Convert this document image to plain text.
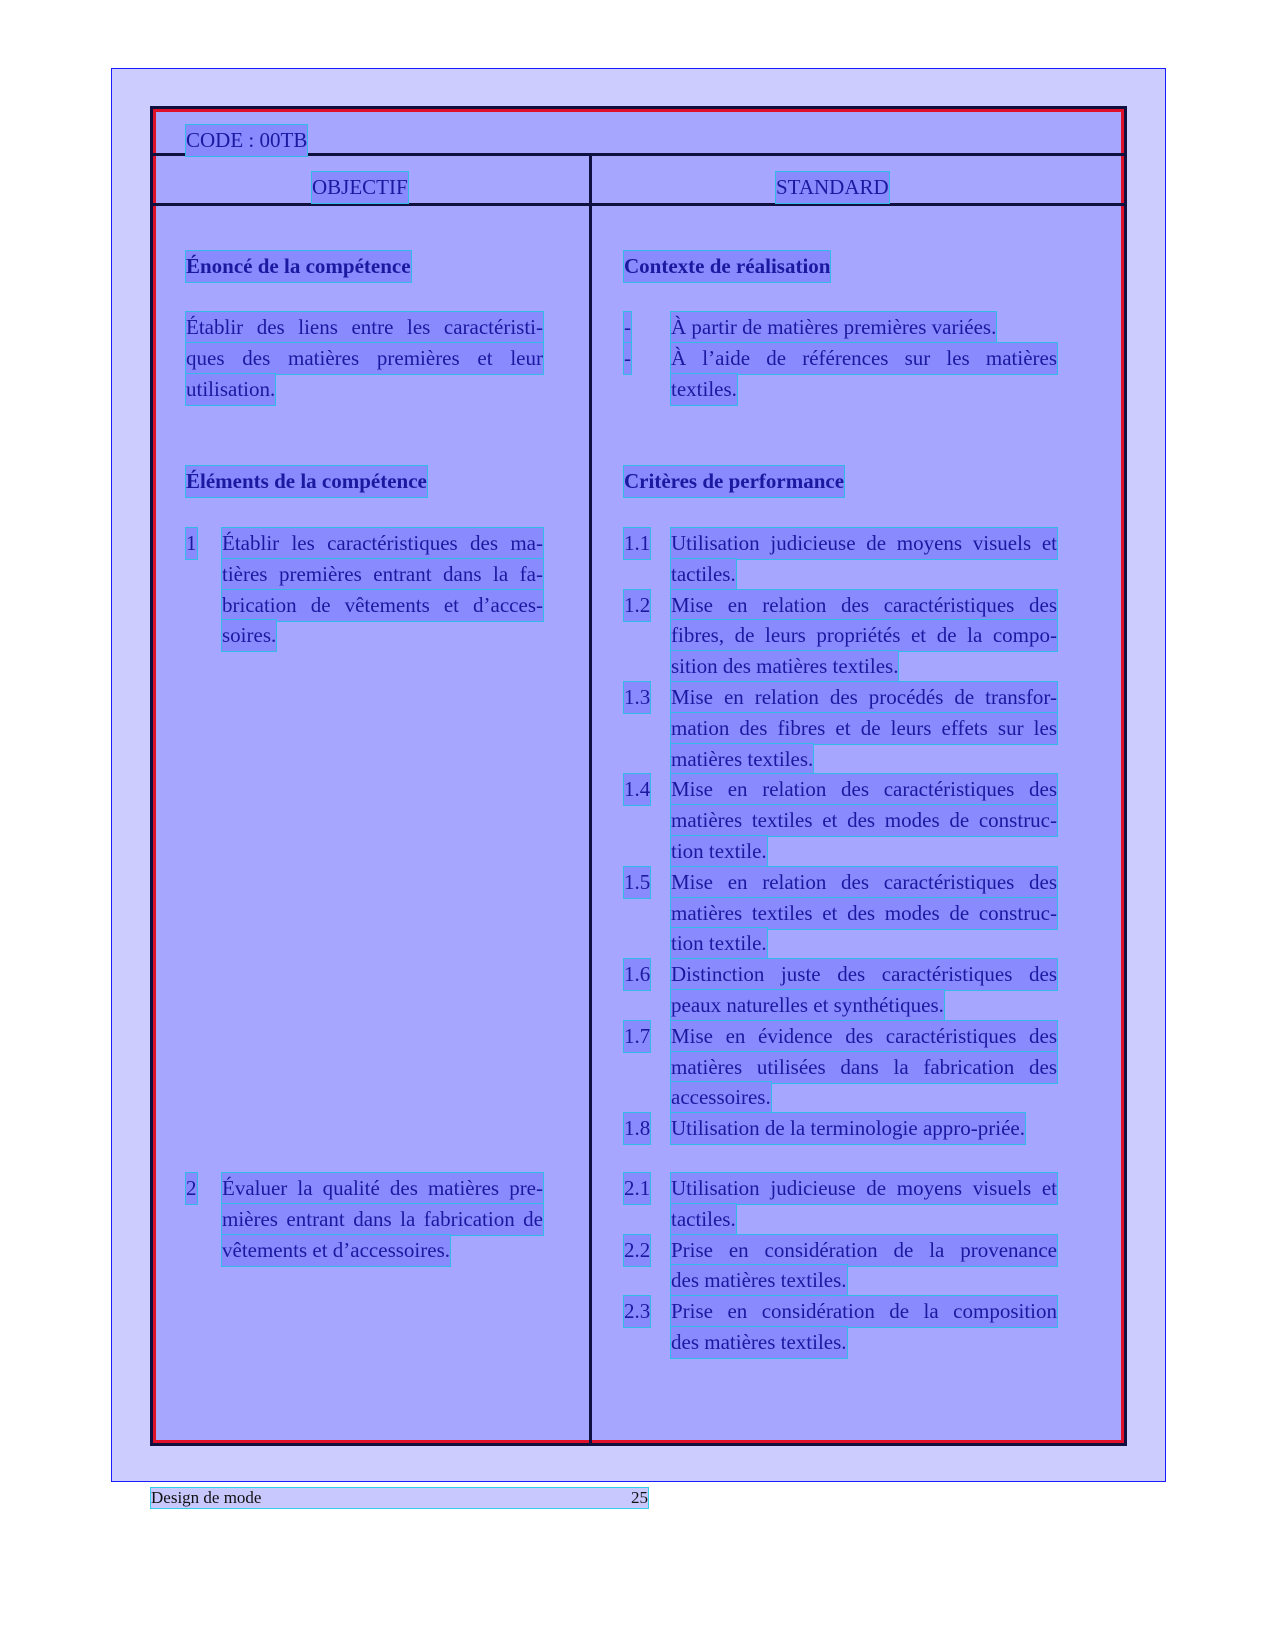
CODE : 00TB
OBJECTIF	STANDARD
Énoncé de la compétence
Établir des liens entre les caractéristi-
ques des matières premières et leur
utilisation.
Éléments de la compétence
1 Établir les caractéristiques des ma-
tières premières entrant dans la fa-
brication de vêtements et d’acces-
soires.
2 Évaluer la qualité des matières pre-
mières entrant dans la fabrication de
vêtements et d’accessoires.
Contexte de réalisation
- À partir de matières premières variées.
- À l’aide de références sur les matières
textiles.
Critères de performance
1.1 Utilisation judicieuse de moyens visuels et
tactiles.
1.2 Mise en relation des caractéristiques des
fibres, de leurs propriétés et de la compo-
sition des matières textiles.
1.3 Mise en relation des procédés de transfor-
mation des fibres et de leurs effets sur les
matières textiles.
1.4 Mise en relation des caractéristiques des
matières textiles et des modes de construc-
tion textile.
1.5 Mise en relation des caractéristiques des
matières textiles et des modes de construc-
tion textile.
1.6 Distinction juste des caractéristiques des
peaux naturelles et synthétiques.
1.7 Mise en évidence des caractéristiques des
matières utilisées dans la fabrication des
accessoires.
1.8 Utilisation de la terminologie appro-priée.
2.1 Utilisation judicieuse de moyens visuels et
tactiles.
2.2 Prise en considération de la provenance
des matières textiles.
2.3 Prise en considération de la composition
des matières textiles.
Design de mode	25
